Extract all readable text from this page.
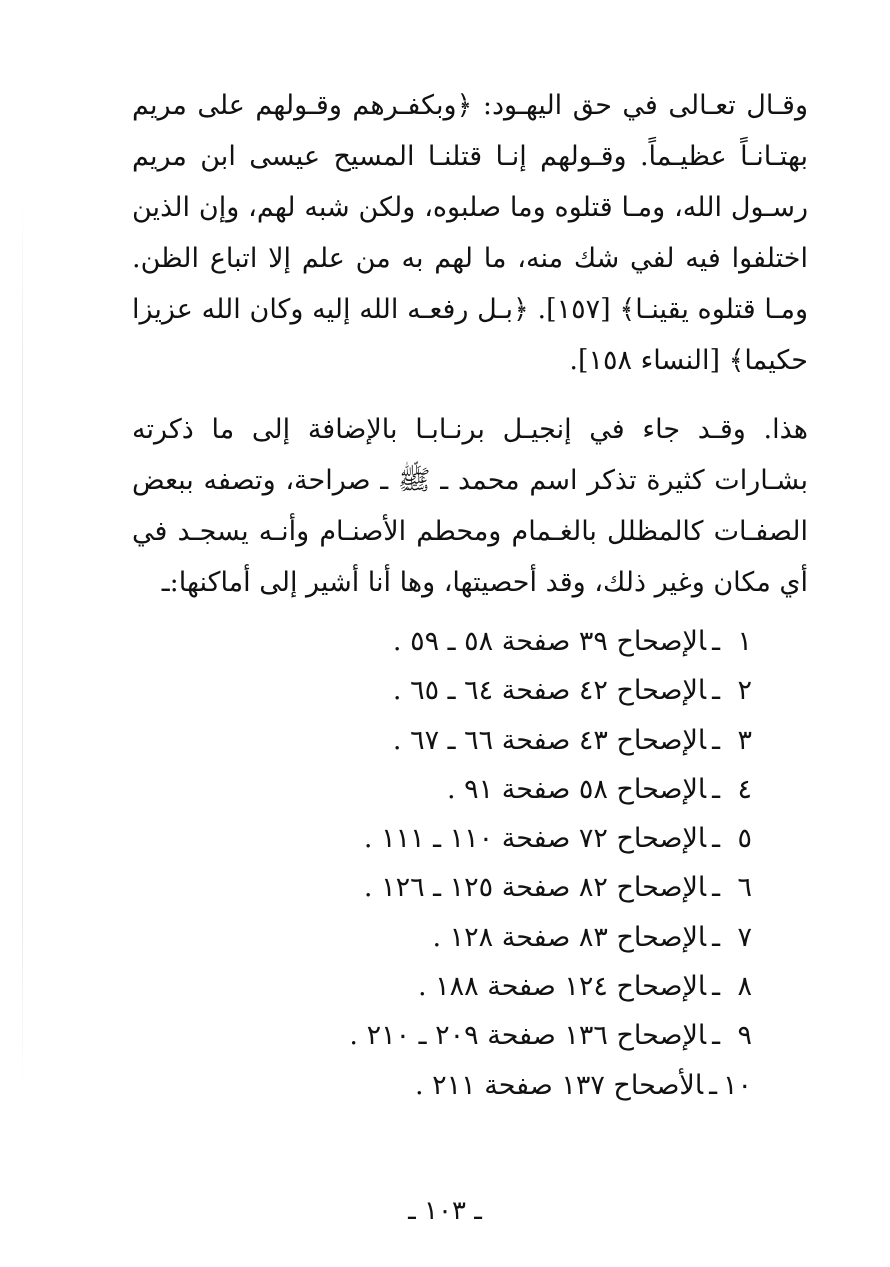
وقـال تعـالى في حق اليهـود: ﴿وبكفـرهم وقـولهم على مريم بهتـانـاً عظيـماً. وقـولهم إنـا قتلنـا المسيح عيسى ابن مريم رسـول الله، ومـا قتلوه وما صلبوه، ولكن شبه لهم، وإن الذين اختلفوا فيه لفي شك منه، ما لهم به من علم إلا اتباع الظن. ومـا قتلوه يقينـا﴾ [١٥٧]. ﴿بـل رفعـه الله إليه وكان الله عزيزا حكيما﴾ [النساء ١٥٨].

هذا. وقـد جاء في إنجيـل برنـابـا بالإضافة إلى ما ذكرته بشـارات كثيرة تذكر اسم محمد ـ ﷺ ـ صراحة، وتصفه ببعض الصفـات كالمظلل بالغـمام ومحطم الأصنـام وأنـه يسجـد في أي مكان وغير ذلك، وقد أحصيتها، وها أنا أشير إلى أماكنها:ـ

١ـالإصحاح ٣٩ صفحة ٥٨ ـ ٥٩ .
٢ـالإصحاح ٤٢ صفحة ٦٤ ـ ٦٥ .
٣ـالإصحاح ٤٣ صفحة ٦٦ ـ ٦٧ .
٤ـالإصحاح ٥٨ صفحة ٩١ .
٥ـالإصحاح ٧٢ صفحة ١١٠ ـ ١١١ .
٦ـالإصحاح ٨٢ صفحة ١٢٥ ـ ١٢٦ .
٧ـالإصحاح ٨٣ صفحة ١٢٨ .
٨ـالإصحاح ١٢٤ صفحة ١٨٨ .
٩ـالإصحاح ١٣٦ صفحة ٢٠٩ ـ ٢١٠ .
١٠ـالأصحاح ١٣٧ صفحة ٢١١ .
ـ ١٠٣ ـ
